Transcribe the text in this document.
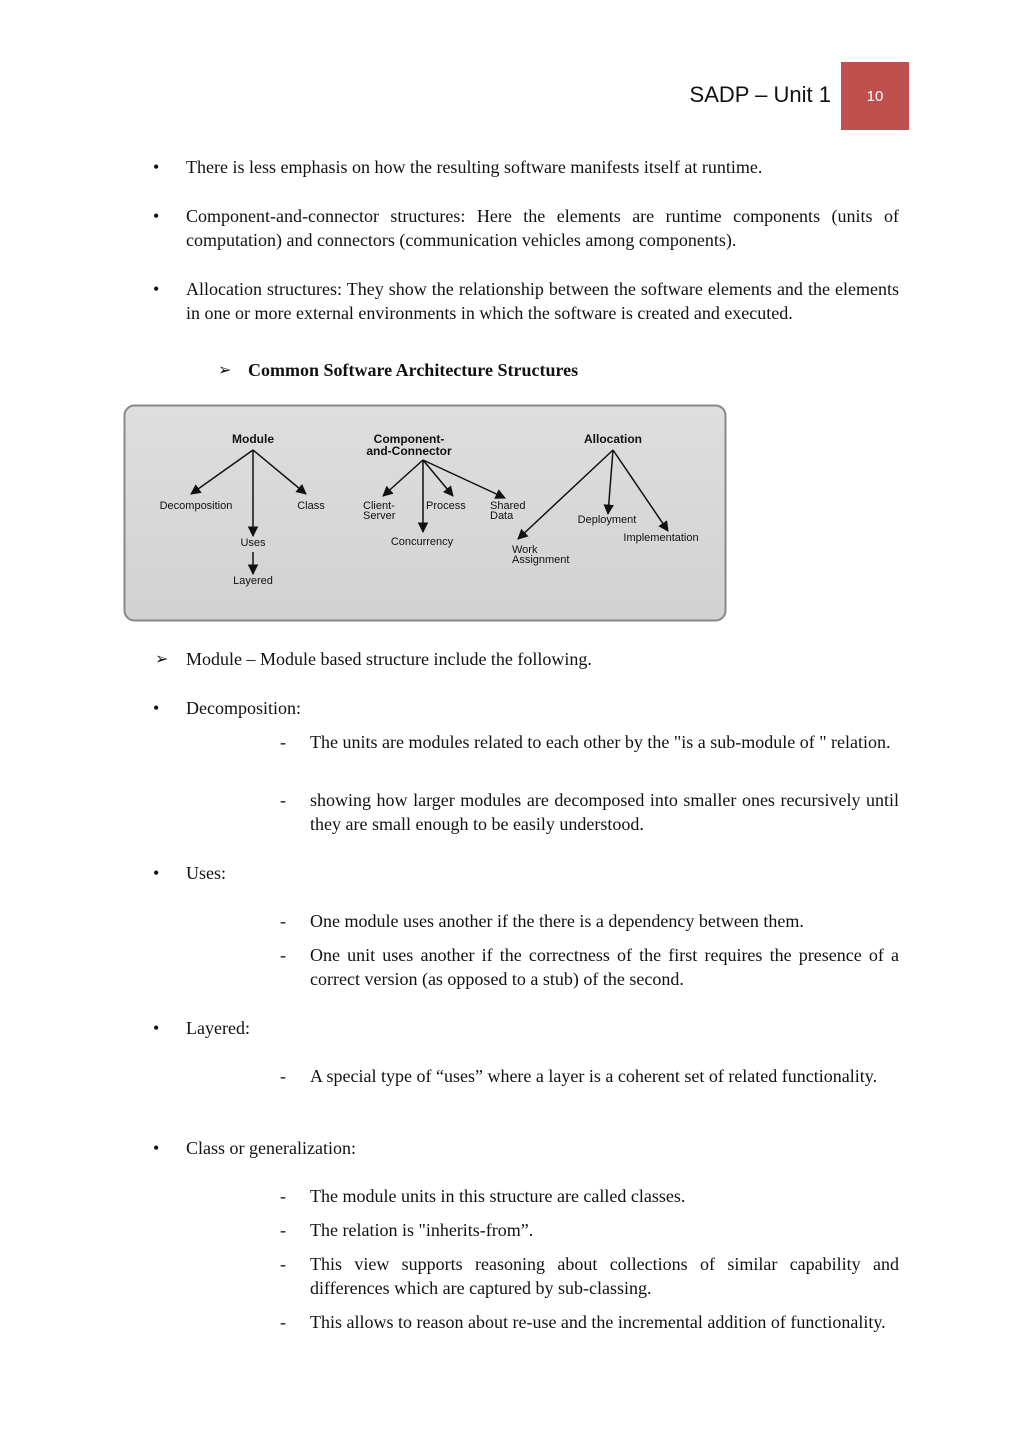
SADP – Unit 1 10
• There is less emphasis on how the resulting software manifests itself at runtime.
• Component-and-connector structures: Here the elements are runtime components (units of computation) and connectors (communication vehicles among components).
• Allocation structures: They show the relationship between the software elements and the elements in one or more external environments in which the software is created and executed.
➢ Common Software Architecture Structures
Module
Decomposition	Class
Uses
Layered
Component-
and-Connector
Client-
Server
Process Shared
Data
Concurrency
Allocation
Deployment
Implementation
Work
Assignment
➢ Module – Module based structure include the following.
• Decomposition:
- The units are modules related to each other by the "is a sub-module of " relation.
- showing how larger modules are decomposed into smaller ones recursively until they are small enough to be easily understood.
• Uses:
- One module uses another if the there is a dependency between them.
- One unit uses another if the correctness of the first requires the presence of a correct version (as opposed to a stub) of the second.
• Layered:
- A special type of “uses” where a layer is a coherent set of related functionality.
• Class or generalization:
- The module units in this structure are called classes.
- The relation is "inherits-from”.
- This view supports reasoning about collections of similar capability and differences which are captured by sub-classing.
- This allows to reason about re-use and the incremental addition of functionality.
